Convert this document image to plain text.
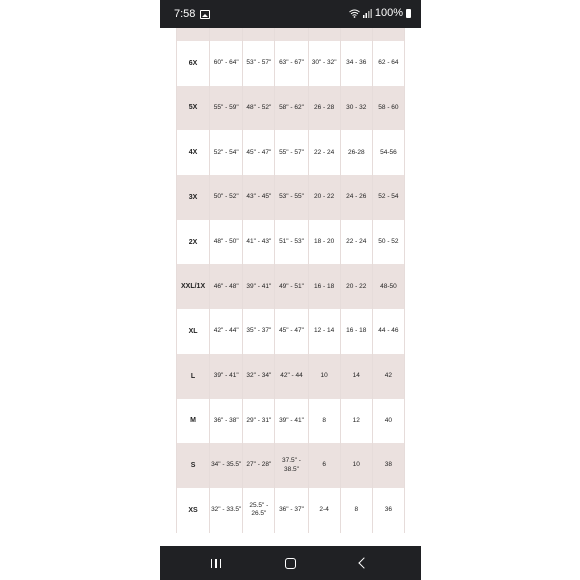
7:58	100%

6X	60" - 64"	53" - 57"	63" - 67"	30" - 32"	34 - 36	62 - 64
5X	55" - 59"	48" - 52"	58" - 62"	26 - 28	30 - 32	58 - 60
4X	52" - 54"	45" - 47"	55" - 57"	22 - 24	26-28	54-56
3X	50" - 52"	43" - 45"	53" - 55"	20 - 22	24 - 26	52 - 54
2X	48" - 50"	41" - 43"	51" - 53"	18 - 20	22 - 24	50 - 52
XXL/1X	46" - 48"	39" - 41"	49" - 51"	16 - 18	20 - 22	48-50
XL	42" - 44"	35" - 37"	45" - 47"	12 - 14	16 - 18	44 - 46
L	39" - 41"	32" - 34"	42" - 44	10	14	42
M	36" - 38"	29" - 31"	39" - 41"	8	12	40
S	34" - 35.5"	27" - 28"	37.5" - 38.5"	6	10	38
XS	32" - 33.5"	25.5" - 26.5"	36" - 37"	2-4	8	36
